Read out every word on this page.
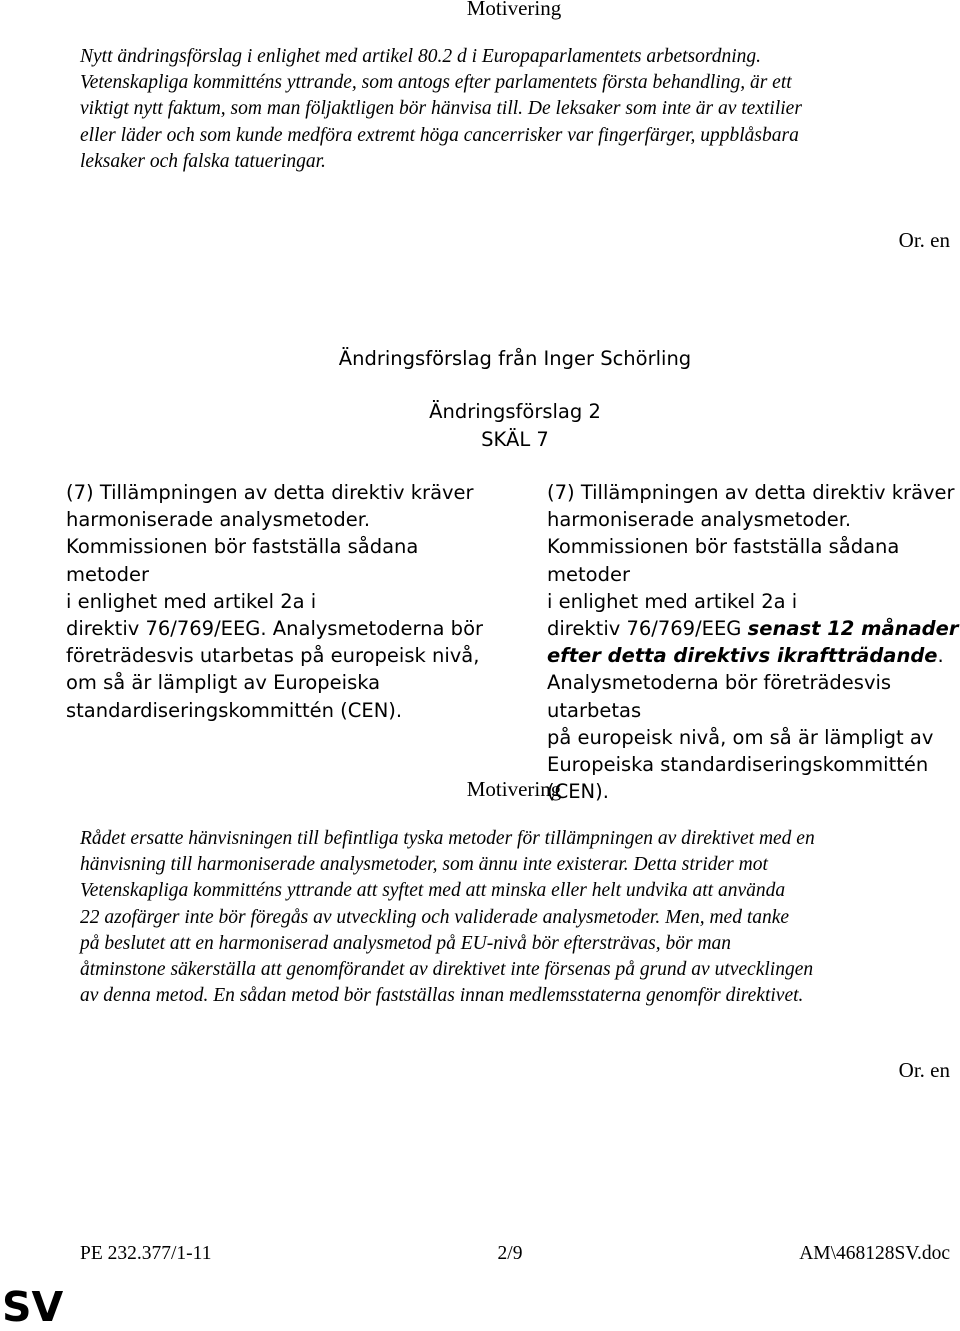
Motivering

Nytt ändringsförslag i enlighet med artikel 80.2 d i Europaparlamentets arbetsordning.

Vetenskapliga kommitténs yttrande, som antogs efter parlamentets första behandling, är ett

viktigt nytt faktum, som man följaktligen bör hänvisa till. De leksaker som inte är av textilier

eller läder och som kunde medföra extremt höga cancerrisker var fingerfärger, uppblåsbara

leksaker och falska tatueringar.

Or. en
Ändringsförslag från Inger Schörling
Ändringsförslag 2
SKÄL 7

(7) Tillämpningen av detta direktiv kräver

harmoniserade analysmetoder.

Kommissionen bör fastställa sådana metoder

i enlighet med artikel 2a i

direktiv 76/769/EEG. Analysmetoderna bör

företrädesvis utarbetas på europeisk nivå,

om så är lämpligt av Europeiska

standardiseringskommittén (CEN).

(7) Tillämpningen av detta direktiv kräver

harmoniserade analysmetoder.

Kommissionen bör fastställa sådana metoder

i enlighet med artikel 2a i

direktiv 76/769/EEG senast 12 månader

efter detta direktivs ikraftträdande.

Analysmetoderna bör företrädesvis utarbetas

på europeisk nivå, om så är lämpligt av

Europeiska standardiseringskommittén

(CEN).

Motivering

Rådet ersatte hänvisningen till befintliga tyska metoder för tillämpningen av direktivet med en

hänvisning till harmoniserade analysmetoder, som ännu inte existerar. Detta strider mot

Vetenskapliga kommitténs yttrande att syftet med att minska eller helt undvika att använda

22 azofärger inte bör föregås av utveckling och validerade analysmetoder. Men, med tanke

på beslutet att en harmoniserad analysmetod på EU-nivå bör eftersträvas, bör man

åtminstone säkerställa att genomförandet av direktivet inte försenas på grund av utvecklingen

av denna metod. En sådan metod bör fastställas innan medlemsstaterna genomför direktivet.

Or. en
PE 232.377/1-11	2/9	AM\468128SV.doc
SV
